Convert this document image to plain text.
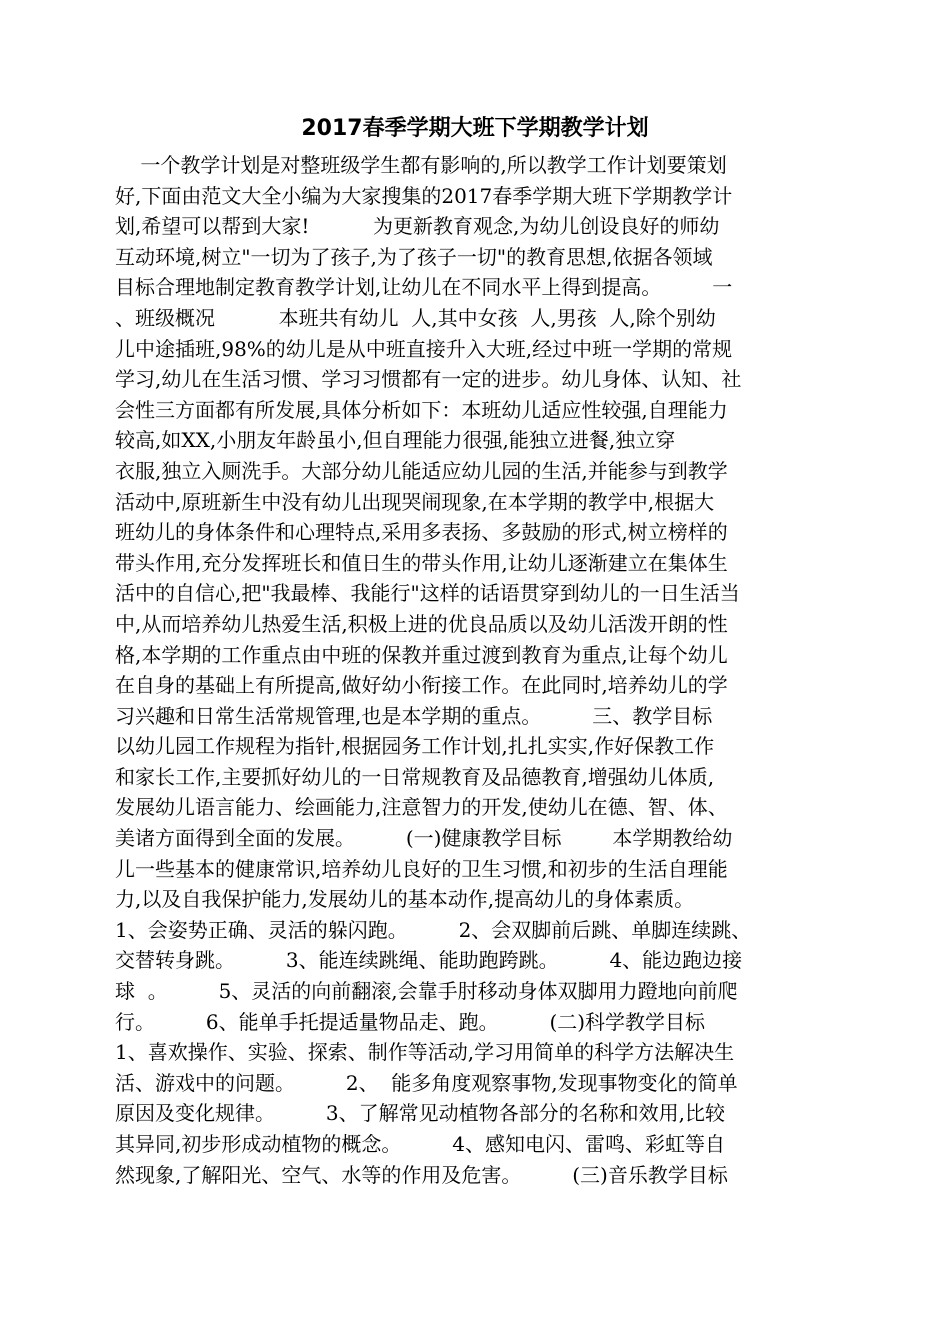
2017春季学期大班下学期教学计划
一个教学计划是对整班级学生都有影响的,所以教学工作计划要策划
好,下面由范文大全小编为大家搜集的2017春季学期大班下学期教学计
划,希望可以帮到大家!          为更新教育观念,为幼儿创设良好的师幼
互动环境,树立"一切为了孩子,为了孩子一切"的教育思想,依据各领域
目标合理地制定教育教学计划,让幼儿在不同水平上得到提高。        一
、班级概况          本班共有幼儿  人,其中女孩  人,男孩  人,除个别幼
儿中途插班,98%的幼儿是从中班直接升入大班,经过中班一学期的常规
学习,幼儿在生活习惯、学习习惯都有一定的进步。幼儿身体、认知、社
会性三方面都有所发展,具体分析如下：本班幼儿适应性较强,自理能力
较高,如XX,小朋友年龄虽小,但自理能力很强,能独立进餐,独立穿
衣服,独立入厕洗手。大部分幼儿能适应幼儿园的生活,并能参与到教学
活动中,原班新生中没有幼儿出现哭闹现象,在本学期的教学中,根据大
班幼儿的身体条件和心理特点,采用多表扬、多鼓励的形式,树立榜样的
带头作用,充分发挥班长和值日生的带头作用,让幼儿逐渐建立在集体生
活中的自信心,把"我最棒、我能行"这样的话语贯穿到幼儿的一日生活当
中,从而培养幼儿热爱生活,积极上进的优良品质以及幼儿活泼开朗的性
格,本学期的工作重点由中班的保教并重过渡到教育为重点,让每个幼儿
在自身的基础上有所提高,做好幼小衔接工作。在此同时,培养幼儿的学
习兴趣和日常生活常规管理,也是本学期的重点。        三、教学目标
以幼儿园工作规程为指针,根据园务工作计划,扎扎实实,作好保教工作
和家长工作,主要抓好幼儿的一日常规教育及品德教育,增强幼儿体质,
发展幼儿语言能力、绘画能力,注意智力的开发,使幼儿在德、智、体、
美诸方面得到全面的发展。        (一)健康教学目标        本学期教给幼
儿一些基本的健康常识,培养幼儿良好的卫生习惯,和初步的生活自理能
力,以及自我保护能力,发展幼儿的基本动作,提高幼儿的身体素质。
1、会姿势正确、灵活的躲闪跑。        2、会双脚前后跳、单脚连续跳、
交替转身跳。        3、能连续跳绳、能助跑跨跳。        4、能边跑边接
球  。        5、灵活的向前翻滚,会靠手肘移动身体双脚用力蹬地向前爬
行。        6、能单手托提适量物品走、跑。        (二)科学教学目标
1、喜欢操作、实验、探索、制作等活动,学习用简单的科学方法解决生
活、游戏中的问题。        2、  能多角度观察事物,发现事物变化的简单
原因及变化规律。        3、了解常见动植物各部分的名称和效用,比较
其异同,初步形成动植物的概念。        4、感知电闪、雷鸣、彩虹等自
然现象,了解阳光、空气、水等的作用及危害。        (三)音乐教学目标
